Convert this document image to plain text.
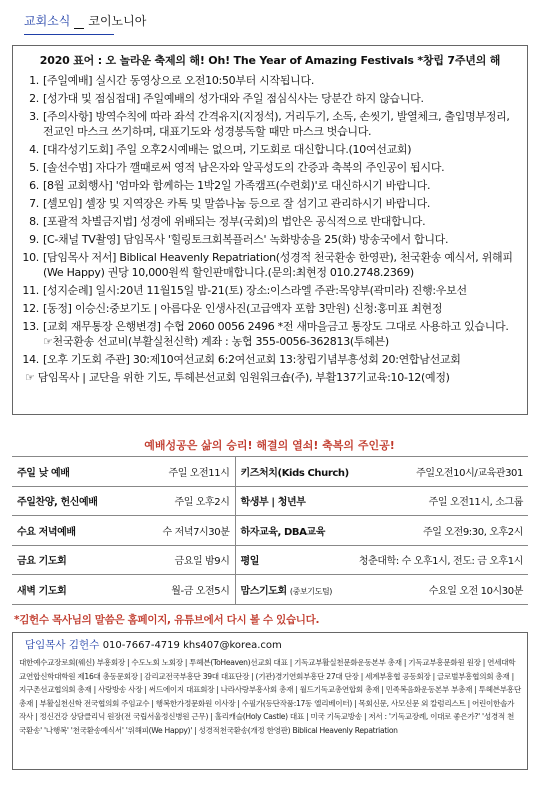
교회소식 코이노니아
2020 표어 : 오 놀라운 축제의 해! Oh! The Year of Amazing Festivals *창립 7주년의 해
1. [주일예배] 실시간 동영상으로 오전10:50부터 시작됩니다.
2. [성가대 및 점심접대] 주일예배의 성가대와 주일 점심식사는 당분간 하지 않습니다.
3. [주의사항] 방역수칙에 따라 좌석 간격유지(지정석), 거리두기, 소독, 손씻기, 발열체크, 출입명부정리, 전교인 마스크 쓰기하며, 대표기도와 성경봉독할 때만 마스크 벗습니다.
4. [대각성기도회] 주일 오후2시예배는 없으며, 기도회로 대신합니다.(10여선교회)
5. [솔선수범] 자다가 깰때로써 영적 남은자와 알곡성도의 간증과 축복의 주인공이 됩시다.
6. [8월 교회행사] '엄마와 함께하는 1박2일 가족캠프(수련회)'로 대신하시기 바랍니다.
7. [셀모임] 셀장 및 지역장은 카톡 및 말씀나눔 등으로 잘 섬기고 관리하시기 바랍니다.
8. [포괄적 차별금지법] 성경에 위배되는 정부(국회)의 법안은 공식적으로 반대합니다.
9. [C-채널 TV촬영] 담임목사 '힐링토크회복플러스' 녹화방송을 25(화) 방송국에서 합니다.
10. [담임목사 저서] Biblical Heavenly Repatriation(성경적 천국환송 한영판), 천국환송 예식서, 위해피(We Happy) 권당 10,000원씩 할인판매합니다.(문의:최현정 010.2748.2369)
11. [성지순례] 일시:20년 11월15일 밤-21(토) 장소:이스라엘 주관:목양부(곽미라) 진행:우보선
12. [동정] 이승신:중보기도 | 아름다운 인생사진(고급액자 포함 3만원) 신청:홍미표 최현정
13. [교회 재무통장 은행변경] 수협 2060 0056 2496 *전 새마을금고 통장도 그대로 사용하고 있습니다. ☞천국환송 선교비(부활실천신학) 계좌 : 농협 355-0056-362813(투헤븐)
14. [오후 기도회 주관] 30:제10여선교회 6:2여선교회 13:창립기념부흥성회 20:연합남선교회
☞ 담임목사 | 교단을 위한 기도, 투헤븐선교회 임원워크숍(주), 부활137기교육:10-12(예정)
예배성공은 삶의 승리! 해결의 열쇠! 축복의 주인공!
주일 낮 예배	주일 오전11시	키즈처치(Kids Church)	주일오전10시/교육관301
주일찬양, 헌신예배	주일 오후2시	학생부 | 청년부	주일 오전11시, 소그룹
수요 저녁예배	수 저녁7시30분	하자교육, DBA교육	주일 오전9:30, 오후2시
금요 기도회	금요일 밤9시	평일	청춘대학: 수 오후1시, 전도: 금 오후1시
새벽 기도회	월-금 오전5시	맘스기도회 (중보기도팀)	수요일 오전 10시30분
*김헌수 목사님의 말씀은 홈페이지, 유튜브에서 다시 볼 수 있습니다.
담임목사 김헌수 010-7667-4719 khs407@korea.com
대한예수교장로회(웨신) 부흥회장 | 수도노회 노회장 | 투헤븐(ToHeaven)선교회 대표 | 기독교부활실천문화운동본부 총재 | 기독교부흥문화원 원장 | 연세대학교연합신학대학원 제16대 총동문회장 | 감리교전국부흥단 39대 대표단장 | (기관)경기연회부흥단 27대 단장 | 세계부흥협 공동회장 | 글로벌부흥협의회 총재 | 지구촌선교협의회 총재 | 사랑방송 사장 | 써드에이지 대표회장 | 나라사랑부흥사회 총재 | 월드기독교총연합회 총재 | 민족복음화운동본부 부총재 | 투헤븐부흥단 총재 | 부활실천신학 전국협의회 주임교수 | 행복한가정문화원 이사장 | 수필가(등단작품:17동 엘리베이터) | 목회신문, 사모신문 외 칼럼리스트 | 어린이한솔가 작사 | 정신건강 상담클리닉 원장(전 국립서울정신병원 근무) | 홀리캐슬(Holy Castle) 대표 | 미국 기독교방송 | 저서 : '기독교장례, 이대로 좋은가?' '성경적 천국환송' '나행복' '천국환송예식서' '위해피(We Happy)' | 성경적천국환송(개정 한영판) Biblical Heavenly Repatriation
